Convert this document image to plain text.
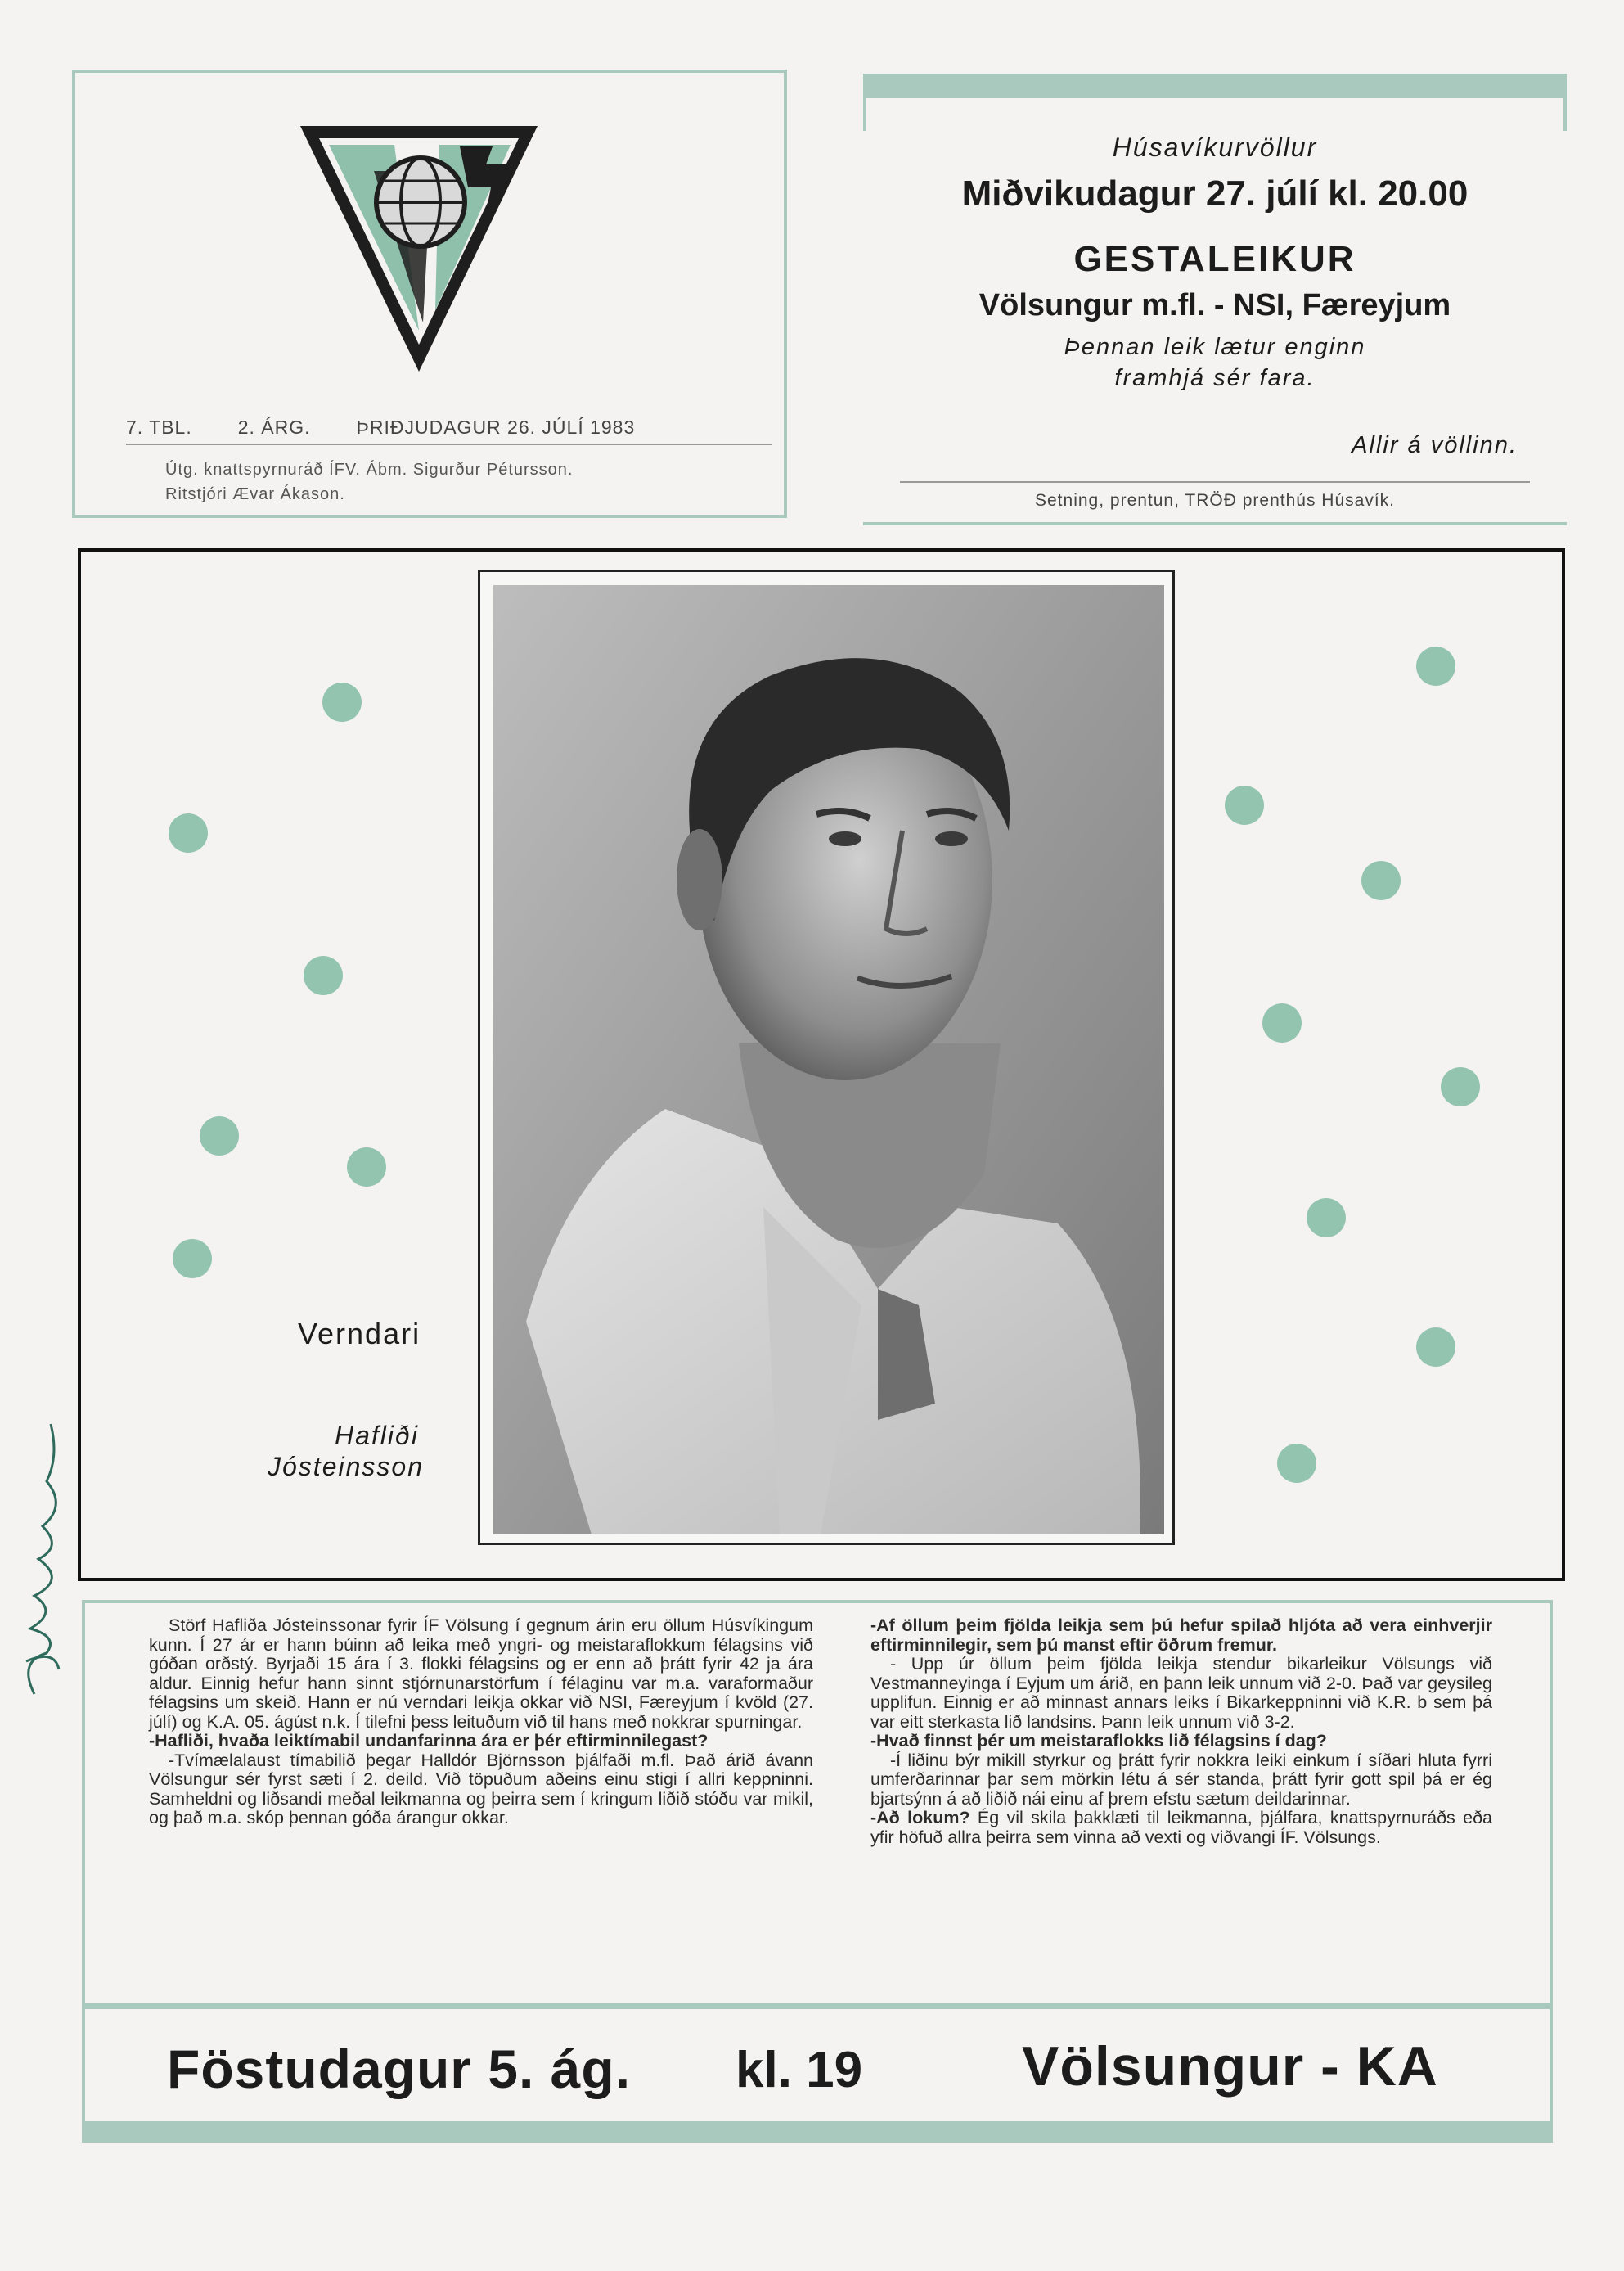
7. TBL. 2. ÁRG. ÞRIÐJUDAGUR 26. JÚLÍ 1983
Útg. knattspyrnuráð ÍFV. Ábm. Sigurður Pétursson.
Ritstjóri Ævar Ákason.
Húsavíkurvöllur
Miðvikudagur 27. júlí kl. 20.00
GESTALEIKUR
Völsungur m.fl. - NSI, Færeyjum
Þennan leik lætur enginn
framhjá sér fara.
Allir á völlinn.
Setning, prentun, TRÖÐ prenthús Húsavík.
Verndari
Hafliði
Jósteinsson

Störf Hafliða Jósteinssonar fyrir ÍF Völsung í gegnum árin eru öllum Húsvíkingum kunn. Í 27 ár er hann búinn að leika með yngri- og meistaraflokkum félagsins við góðan orðstý. Byrjaði 15 ára í 3. flokki félagsins og er enn að þrátt fyrir 42 ja ára aldur. Einnig hefur hann sinnt stjórnunarstörfum í félaginu var m.a. varaformaður félagsins um skeið. Hann er nú verndari leikja okkar við NSI, Færeyjum í kvöld (27. júlí) og K.A. 05. ágúst n.k. Í tilefni þess leituðum við til hans með nokkrar spurningar.

-Hafliði, hvaða leiktímabil undanfarinna ára er þér eftirminnilegast?

-Tvímælalaust tímabilið þegar Halldór Björnsson þjálfaði m.fl. Það árið ávann Völsungur sér fyrst sæti í 2. deild. Við töpuðum aðeins einu stigi í allri keppninni. Samheldni og liðsandi meðal leikmanna og þeirra sem í kringum liðið stóðu var mikil, og það m.a. skóp þennan góða árangur okkar.

-Af öllum þeim fjölda leikja sem þú hefur spilað hljóta að vera einhverjir eftirminnilegir, sem þú manst eftir öðrum fremur.

- Upp úr öllum þeim fjölda leikja stendur bikarleikur Völsungs við Vestmanneyinga í Eyjum um árið, en þann leik unnum við 2-0. Það var geysileg upplifun. Einnig er að minnast annars leiks í Bikarkeppninni við K.R. b sem þá var eitt sterkasta lið landsins. Þann leik unnum við 3-2.

-Hvað finnst þér um meistaraflokks lið félagsins í dag?

-Í liðinu býr mikill styrkur og þrátt fyrir nokkra leiki einkum í síðari hluta fyrri umferðarinnar þar sem mörkin létu á sér standa, þrátt fyrir gott spil þá er ég bjartsýnn á að liðið nái einu af þrem efstu sætum deildarinnar.

-Að lokum? Ég vil skila þakklæti til leikmanna, þjálfara, knattspyrnuráðs eða yfir höfuð allra þeirra sem vinna að vexti og viðvangi ÍF. Völsungs.

Föstudagur 5. ág. kl. 19	Völsungur - KA
